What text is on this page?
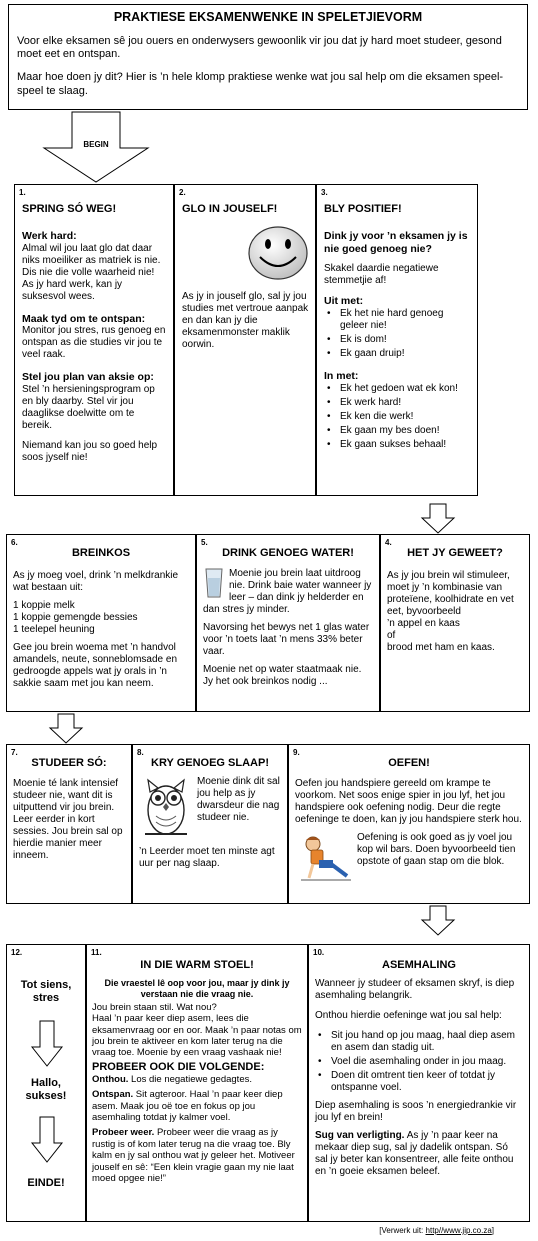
PRAKTIESE EKSAMENWENKE IN SPELETJIEVORM

Voor elke eksamen sê jou ouers en onderwysers gewoonlik vir jou dat jy hard moet studeer, gesond moet eet en ontspan.

Maar hoe doen jy dit? Hier is ’n hele klomp praktiese wenke wat jou sal help om die eksamen speel-speel te slaag.

BEGIN
1.
SPRING SÓ WEG!
Werk hard:

Almal wil jou laat glo dat daar niks moeiliker as matriek is nie. Dis nie die volle waarheid nie! As jy hard werk, kan jy suksesvol wees.

Maak tyd om te ontspan:

Monitor jou stres, rus genoeg en ontspan as die studies vir jou te veel raak.

Stel jou plan van aksie op:

Stel ’n hersieningsprogram op en bly daarby. Stel vir jou daaglikse doelwitte om te bereik.

Niemand kan jou so goed help soos jyself nie!

2.
GLO IN JOUSELF!

As jy in jouself glo, sal jy jou studies met vertroue aanpak en dan kan jy die eksamenmonster maklik oorwin.

3.
BLY POSITIEF!
Dink jy voor ’n eksamen jy is nie goed genoeg nie?

Skakel daardie negatiewe stemmetjie af!

Uit met:
• Ek het nie hard genoeg geleer nie!
• Ek is dom!
• Ek gaan druip!
In met:
• Ek het gedoen wat ek kon!
• Ek werk hard!
• Ek ken die werk!
• Ek gaan my bes doen!
• Ek gaan sukses behaal!
6.
BREINKOS

As jy moeg voel, drink ’n melkdrankie wat bestaan uit:

1 koppie melk
1 koppie gemengde bessies
1 teelepel heuning

Gee jou brein woema met ’n handvol amandels, neute, sonneblomsade en gedroogde appels wat jy orals in ’n sakkie saam met jou kan neem.

5.
DRINK GENOEG WATER!

Moenie jou brein laat uitdroog nie. Drink baie water wanneer jy leer – dan dink jy helderder en dan stres jy minder.

Navorsing het bewys net 1 glas water voor ’n toets laat ’n mens 33% beter vaar.

Moenie net op water staatmaak nie. Jy het ook breinkos nodig ...

4.
HET JY GEWEET?

As jy jou brein wil stimuleer, moet jy ’n kombinasie van proteïene, koolhidrate en vet eet, byvoorbeeld

’n appel en kaas
of
brood met ham en kaas.
7.
STUDEER SÓ:

Moenie té lank intensief studeer nie, want dit is uitputtend vir jou brein. Leer eerder in kort sessies. Jou brein sal op hierdie manier meer inneem.

8.
KRY GENOEG SLAAP!

Moenie dink dit sal jou help as jy dwarsdeur die nag studeer nie.

’n Leerder moet ten minste agt uur per nag slaap.

9.
OEFEN!

Oefen jou handspiere gereeld om krampe te voorkom. Net soos enige spier in jou lyf, het jou handspiere ook oefening nodig. Deur die regte oefeninge te doen, kan jy jou handspiere sterk hou.

Oefening is ook goed as jy voel jou kop wil bars. Doen byvoorbeeld tien opstote of gaan stap om die blok.

12.
Tot siens, stres
Hallo, sukses!
EINDE!
11.
IN DIE WARM STOEL!

Die vraestel lê oop voor jou, maar jy dink jy verstaan nie die vraag nie.

Jou brein staan stil. Wat nou?

Haal ’n paar keer diep asem, lees die eksamenvraag oor en oor. Maak ’n paar notas om jou brein te aktiveer en kom later terug na die vraag toe. Moenie by een vraag vashaak nie!

PROBEER OOK DIE VOLGENDE:

Onthou. Los die negatiewe gedagtes.

Ontspan. Sit agteroor. Haal ’n paar keer diep asem. Maak jou oë toe en fokus op jou asemhaling totdat jy kalmer voel.

Probeer weer. Probeer weer die vraag as jy rustig is of kom later terug na die vraag toe. Bly kalm en jy sal onthou wat jy geleer het. Motiveer jouself en sê: “Een klein vragie gaan my nie laat moed opgee nie!”

10.
ASEMHALING

Wanneer jy studeer of eksamen skryf, is diep asemhaling belangrik.

Onthou hierdie oefeninge wat jou sal help:

• Sit jou hand op jou maag, haal diep asem en asem dan stadig uit.
• Voel die asemhaling onder in jou maag.
• Doen dit omtrent tien keer of totdat jy ontspanne voel.

Diep asemhaling is soos ’n energiedrankie vir jou lyf en brein!

Sug van verligting. As jy ’n paar keer na mekaar diep sug, sal jy dadelik ontspan. Só sal jy beter kan konsentreer, alle feite onthou en ’n goeie eksamen beleef.

[Verwerk uit: http//www.jip.co.za]
